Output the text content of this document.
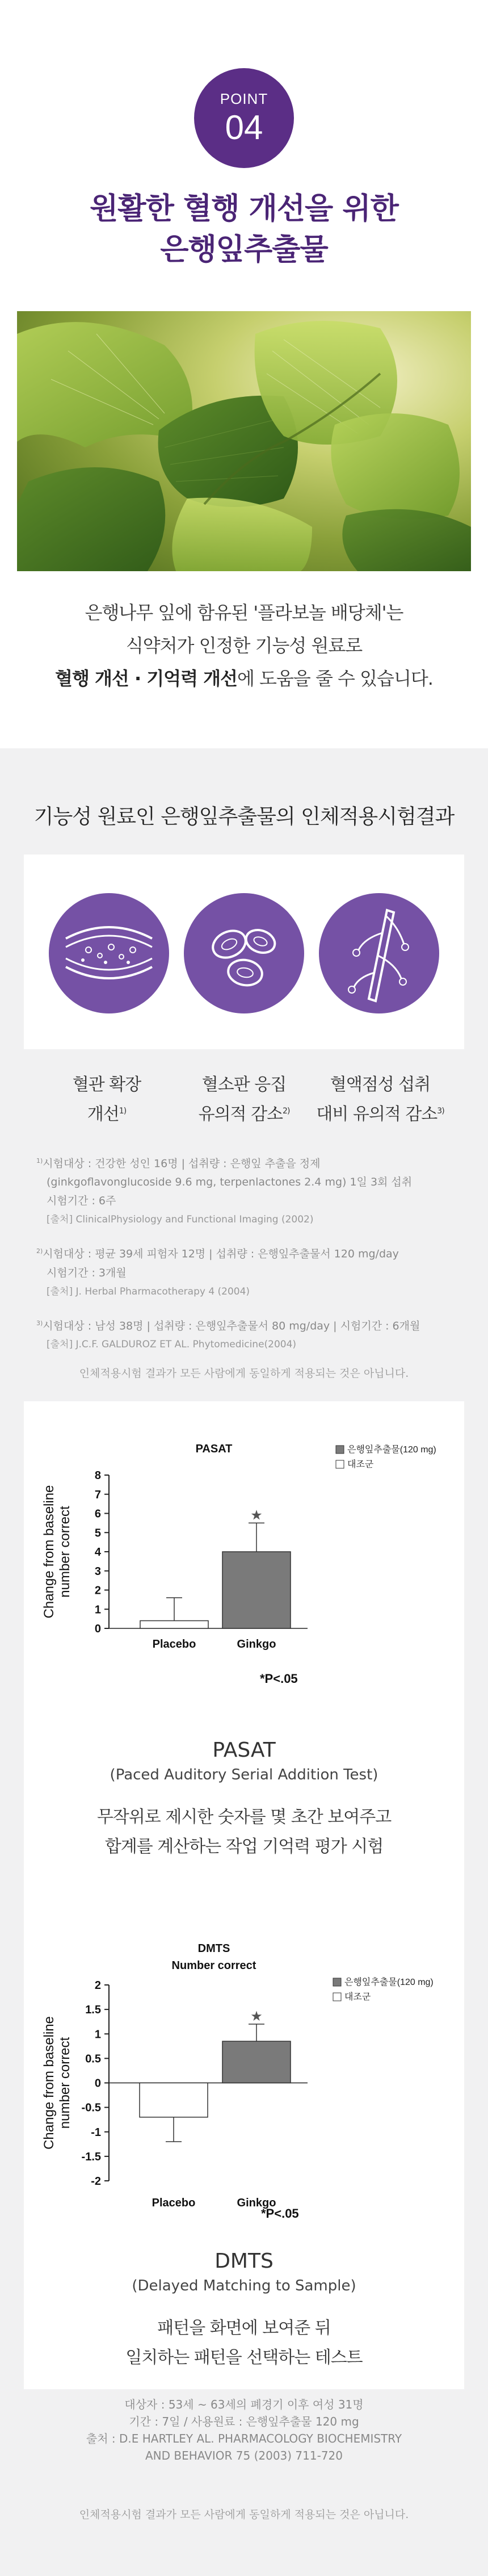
POINT
04
원활한 혈행 개선을 위한
은행잎추출물
은행나무 잎에 함유된 '플라보놀 배당체'는
식약처가 인정한 기능성 원료로
혈행 개선 · 기억력 개선에 도움을 줄 수 있습니다.
기능성 원료인 은행잎추출물의 인체적용시험결과
혈관 확장
개선$^{1)}$
혈소판 응집
유의적 감소$^{2)}$
혈액점성 섭취
대비 유의적 감소$^{3)}$
$^{1)}$시험대상 : 건강한 성인 16명 | 섭취량 : 은행잎 추출을 정제
(ginkgoflavonglucoside 9.6 mg, terpenlactones 2.4 mg) 1일 3회 섭취
시험기간 : 6주
[출처] ClinicalPhysiology and Functional Imaging (2002)
$^{2)}$시험대상 : 평균 39세 피험자 12명 | 섭취량 : 은행잎추출물서 120 mg/day
시험기간 : 3개월
[출처] J. Herbal Pharmacotherapy 4 (2004)
$^{3)}$시험대상 : 남성 38명 | 섭취량 : 은행잎추출물서 80 mg/day | 시험기간 : 6개월
[출처] J.C.F. GALDUROZ ET AL. Phytomedicine(2004)
인체적용시험 결과가 모든 사람에게 동일하게 적용되는 것은 아닙니다.
PASAT
Change from baseline number correct
0
1
2
3
4
5
6
7
8
Placebo	Ginkgo
★
은행잎추출물(120 mg)
대조군
*P<.05
PASAT
(Paced Auditory Serial Addition Test)
무작위로 제시한 숫자를 몇 초간 보여주고
합계를 계산하는 작업 기억력 평가 시험
DMTS
Number correct
Change from baseline number correct
-2
-1.5
-1
-0.5
0
0.5
1
1.5
2
Placebo	Ginkgo
★
은행잎추출물(120 mg)
대조군
*P<.05
DMTS
(Delayed Matching to Sample)
패턴을 화면에 보여준 뒤
일치하는 패턴을 선택하는 테스트
대상자 : 53세 ~ 63세의 폐경기 이후 여성 31명
기간 : 7일 / 사용원료 : 은행잎추출물 120 mg
출처 : D.E HARTLEY AL. PHARMACOLOGY BIOCHEMISTRY
AND BEHAVIOR 75 (2003) 711-720
인체적용시험 결과가 모든 사람에게 동일하게 적용되는 것은 아닙니다.
